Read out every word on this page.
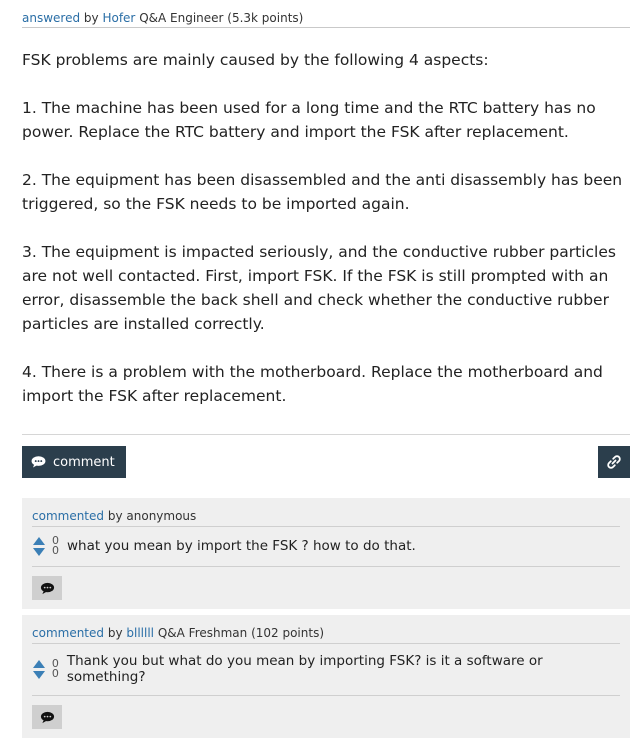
answered by Hofer Q&A Engineer (5.3k points)

FSK problems are mainly caused by the following 4 aspects:

1. The machine has been used for a long time and the RTC battery has no power. Replace the RTC battery and import the FSK after replacement.

2. The equipment has been disassembled and the anti disassembly has been triggered, so the FSK needs to be imported again.

3. The equipment is impacted seriously, and the conductive rubber particles are not well contacted. First, import FSK. If the FSK is still prompted with an error, disassemble the back shell and check whether the conductive rubber particles are installed correctly.

4. There is a problem with the motherboard. Replace the motherboard and import the FSK after replacement.

comment
commented by anonymous
0
0 what you mean by import the FSK ? how to do that.
commented by bllllll Q&A Freshman (102 points)
0
0
Thank you but what do you mean by importing FSK? is it a software or something?
